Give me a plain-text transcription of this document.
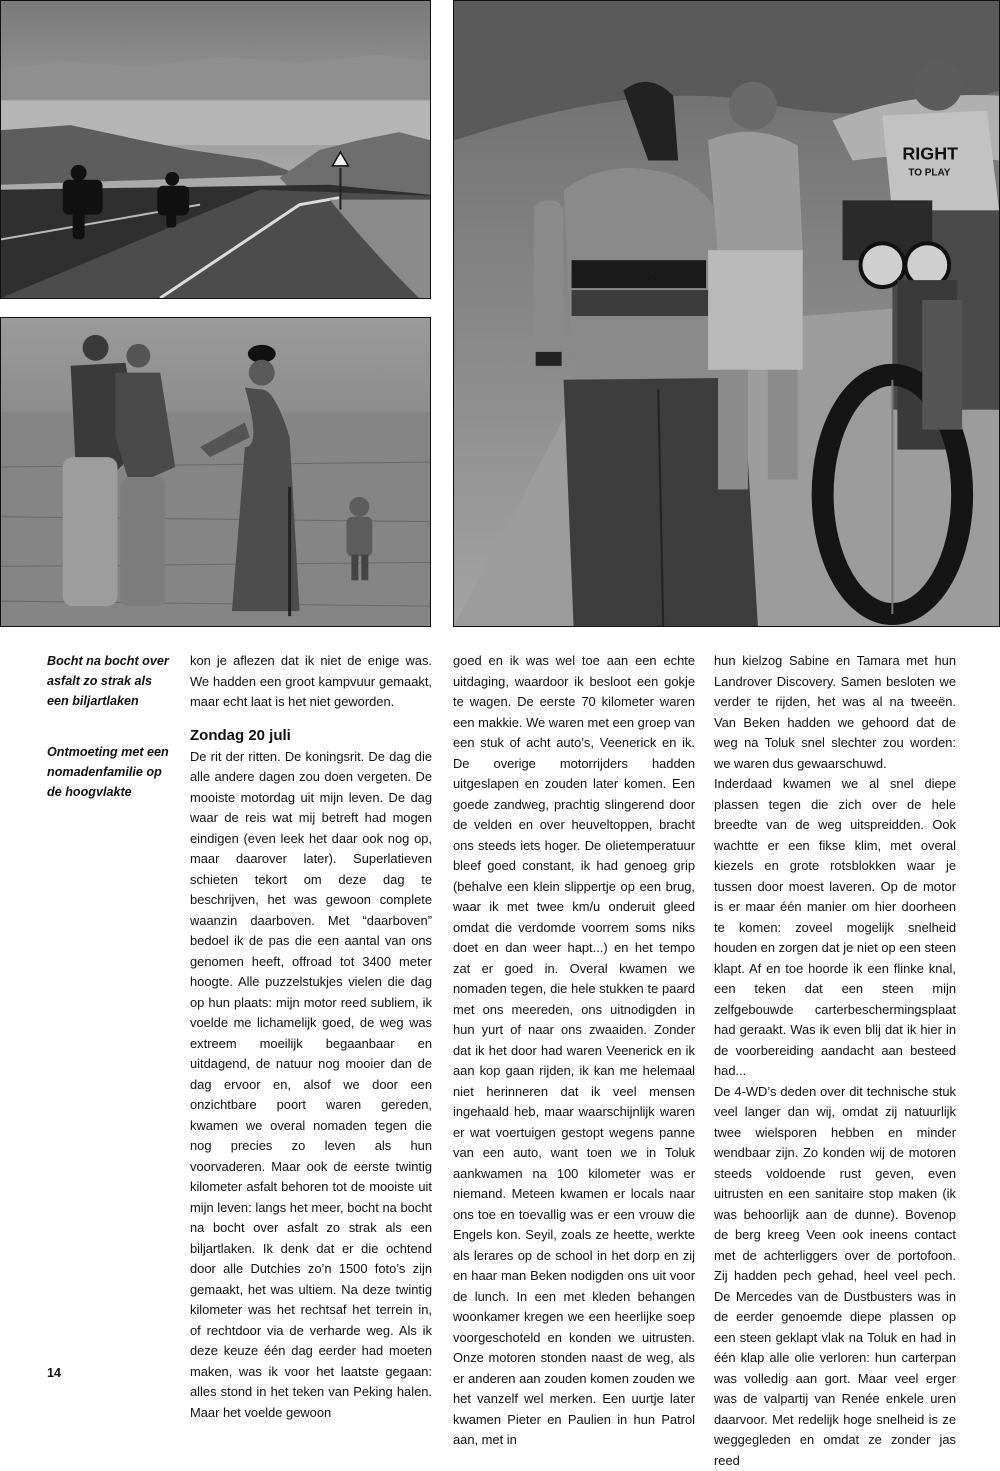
·
RIGHT
TO PLAY
Bocht na bocht over asfalt zo strak als een biljartlaken
Ontmoeting met een nomadenfamilie op de hoogvlakte

kon je aflezen dat ik niet de enige was. We hadden een groot kampvuur gemaakt, maar echt laat is het niet geworden.

Zondag 20 juli

De rit der ritten. De koningsrit. De dag die alle andere dagen zou doen vergeten. De mooiste motordag uit mijn leven. De dag waar de reis wat mij betreft had mogen eindigen (even leek het daar ook nog op, maar daarover later). Superlatieven schieten tekort om deze dag te beschrijven, het was gewoon complete waanzin daarboven. Met “daarboven” bedoel ik de pas die een aantal van ons genomen heeft, offroad tot 3400 meter hoogte. Alle puzzelstukjes vielen die dag op hun plaats: mijn motor reed subliem, ik voelde me lichamelijk goed, de weg was extreem moeilijk begaanbaar en uitdagend, de natuur nog mooier dan de dag ervoor en, alsof we door een onzichtbare poort waren gereden, kwamen we overal nomaden tegen die nog precies zo leven als hun voorvaderen. Maar ook de eerste twintig kilometer asfalt behoren tot de mooiste uit mijn leven: langs het meer, bocht na bocht na bocht over asfalt zo strak als een biljartlaken. Ik denk dat er die ochtend door alle Dutchies zo’n 1500 foto’s zijn gemaakt, het was ultiem. Na deze twintig kilometer was het rechtsaf het terrein in, of rechtdoor via de verharde weg. Als ik deze keuze één dag eerder had moeten maken, was ik voor het laatste gegaan: alles stond in het teken van Peking halen. Maar het voelde gewoon

goed en ik was wel toe aan een echte uitdaging, waardoor ik besloot een gokje te wagen. De eerste 70 kilometer waren een makkie. We waren met een groep van een stuk of acht auto’s, Veenerick en ik. De overige motorrijders hadden uitgeslapen en zouden later komen. Een goede zandweg, prachtig slingerend door de velden en over heuveltoppen, bracht ons steeds iets hoger. De olietemperatuur bleef goed constant, ik had genoeg grip (behalve een klein slippertje op een brug, waar ik met twee km/u onderuit gleed omdat die verdomde voorrem soms niks doet en dan weer hapt...) en het tempo zat er goed in. Overal kwamen we nomaden tegen, die hele stukken te paard met ons meereden, ons uitnodigden in hun yurt of naar ons zwaaiden. Zonder dat ik het door had waren Veenerick en ik aan kop gaan rijden, ik kan me helemaal niet herinneren dat ik veel mensen ingehaald heb, maar waarschijnlijk waren er wat voertuigen gestopt wegens panne van een auto, want toen we in Toluk aankwamen na 100 kilometer was er niemand. Meteen kwamen er locals naar ons toe en toevallig was er een vrouw die Engels kon. Seyil, zoals ze heette, werkte als lerares op de school in het dorp en zij en haar man Beken nodigden ons uit voor de lunch. In een met kleden behangen woonkamer kregen we een heerlijke soep voorgeschoteld en konden we uitrusten. Onze motoren stonden naast de weg, als er anderen aan zouden komen zouden we het vanzelf wel merken. Een uurtje later kwamen Pieter en Paulien in hun Patrol aan, met in

hun kielzog Sabine en Tamara met hun Landrover Discovery. Samen besloten we verder te rijden, het was al na tweeën. Van Beken hadden we gehoord dat de weg na Toluk snel slechter zou worden: we waren dus gewaarschuwd.

Inderdaad kwamen we al snel diepe plassen tegen die zich over de hele breedte van de weg uitspreidden. Ook wachtte er een fikse klim, met overal kiezels en grote rotsblokken waar je tussen door moest laveren. Op de motor is er maar één manier om hier doorheen te komen: zoveel mogelijk snelheid houden en zorgen dat je niet op een steen klapt. Af en toe hoorde ik een flinke knal, een teken dat een steen mijn zelfgebouwde carterbeschermingsplaat had geraakt. Was ik even blij dat ik hier in de voorbereiding aandacht aan besteed had...

De 4-WD’s deden over dit technische stuk veel langer dan wij, omdat zij natuurlijk twee wielsporen hebben en minder wendbaar zijn. Zo konden wij de motoren steeds voldoende rust geven, even uitrusten en een sanitaire stop maken (ik was behoorlijk aan de dunne). Bovenop de berg kreeg Veen ook ineens contact met de achterliggers over de portofoon. Zij hadden pech gehad, heel veel pech. De Mercedes van de Dustbusters was in de eerder genoemde diepe plassen op een steen geklapt vlak na Toluk en had in één klap alle olie verloren: hun carterpan was volledig aan gort. Maar veel erger was de valpartij van Renée enkele uren daarvoor. Met redelijk hoge snelheid is ze weggegleden en omdat ze zonder jas reed

14
